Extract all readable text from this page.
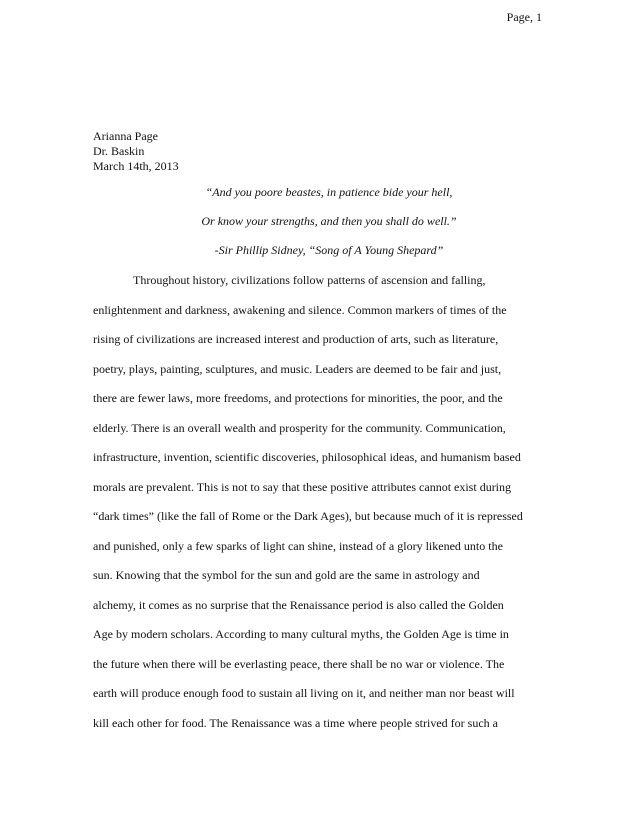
Page, 1
Arianna Page
Dr. Baskin
March 14th, 2013
“And you poore beastes, in patience bide your hell,
Or know your strengths, and then you shall do well.”
-Sir Phillip Sidney, “Song of A Young Shepard”
Throughout history, civilizations follow patterns of ascension and falling,
enlightenment and darkness, awakening and silence. Common markers of times of the
rising of civilizations are increased interest and production of arts, such as literature,
poetry, plays, painting, sculptures, and music. Leaders are deemed to be fair and just,
there are fewer laws, more freedoms, and protections for minorities, the poor, and the
elderly. There is an overall wealth and prosperity for the community. Communication,
infrastructure, invention, scientific discoveries, philosophical ideas, and humanism based
morals are prevalent. This is not to say that these positive attributes cannot exist during
“dark times” (like the fall of Rome or the Dark Ages), but because much of it is repressed
and punished, only a few sparks of light can shine, instead of a glory likened unto the
sun. Knowing that the symbol for the sun and gold are the same in astrology and
alchemy, it comes as no surprise that the Renaissance period is also called the Golden
Age by modern scholars. According to many cultural myths, the Golden Age is time in
the future when there will be everlasting peace, there shall be no war or violence. The
earth will produce enough food to sustain all living on it, and neither man nor beast will
kill each other for food. The Renaissance was a time where people strived for such a
